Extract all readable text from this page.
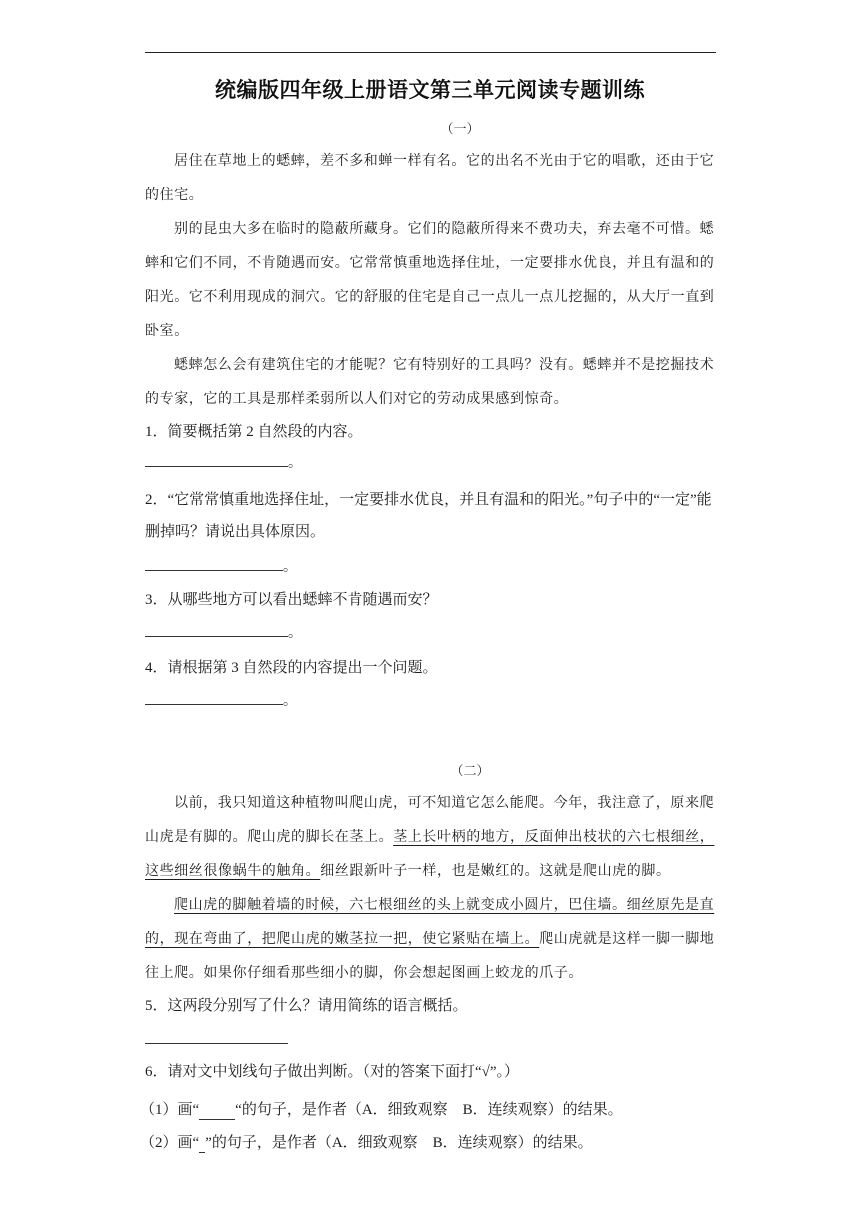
统编版四年级上册语文第三单元阅读专题训练
（一）
居住在草地上的蟋蟀，差不多和蝉一样有名。它的出名不光由于它的唱歌，还由于它的住宅。
别的昆虫大多在临时的隐蔽所藏身。它们的隐蔽所得来不费功夫，弃去毫不可惜。蟋蟀和它们不同，不肯随遇而安。它常常慎重地选择住址，一定要排水优良，并且有温和的阳光。它不利用现成的洞穴。它的舒服的住宅是自己一点儿一点儿挖掘的，从大厅一直到卧室。
蟋蟀怎么会有建筑住宅的才能呢？它有特别好的工具吗？没有。蟋蟀并不是挖掘技术的专家，它的工具是那样柔弱所以人们对它的劳动成果感到惊奇。
1．简要概括第 2 自然段的内容。
。
2．“它常常慎重地选择住址，一定要排水优良，并且有温和的阳光。”句子中的“一定”能删掉吗？请说出具体原因。
。
3．从哪些地方可以看出蟋蟀不肯随遇而安？
。
4．请根据第 3 自然段的内容提出一个问题。
。
（二）
以前，我只知道这种植物叫爬山虎，可不知道它怎么能爬。今年，我注意了，原来爬山虎是有脚的。爬山虎的脚长在茎上。茎上长叶柄的地方，反面伸出枝状的六七根细丝，这些细丝很像蜗牛的触角。细丝跟新叶子一样，也是嫩红的。这就是爬山虎的脚。
爬山虎的脚触着墙的时候，六七根细丝的头上就变成小圆片，巴住墙。细丝原先是直的，现在弯曲了，把爬山虎的嫩茎拉一把，使它紧贴在墙上。爬山虎就是这样一脚一脚地往上爬。如果你仔细看那些细小的脚，你会想起图画上蛟龙的爪子。
5．这两段分别写了什么？请用简练的语言概括。
6．请对文中划线句子做出判断。（对的答案下面打“√”。）
（1）画“ “的句子，是作者（A．细致观察　B．连续观察）的结果。
（2）画“ ”的句子，是作者（A．细致观察　B．连续观察）的结果。
